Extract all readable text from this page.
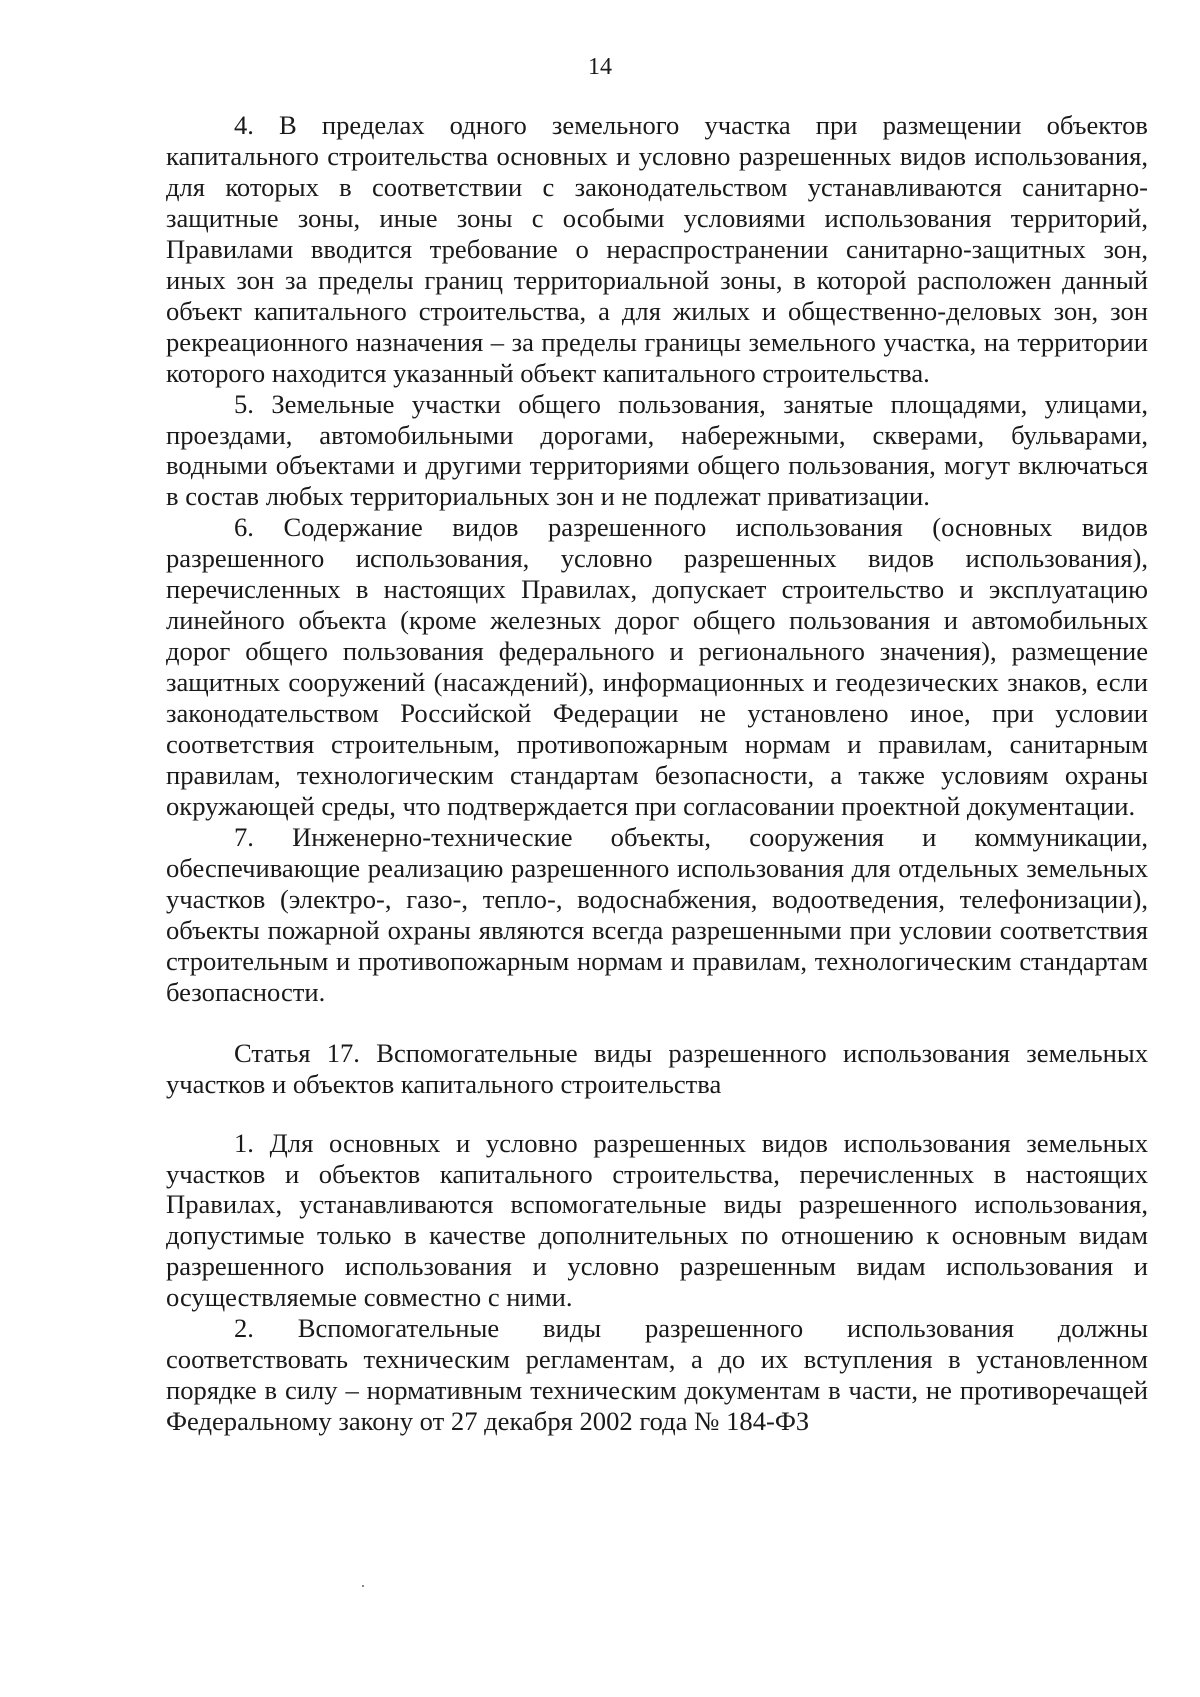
14

4. В пределах одного земельного участка при размещении объектов капитального строительства основных и условно разрешенных видов использования, для которых в соответствии с законодательством устанавливаются санитарно-защитные зоны, иные зоны с особыми условиями использования территорий, Правилами вводится требование о нераспространении санитарно-защитных зон, иных зон за пределы границ территориальной зоны, в которой расположен данный объект капитального строительства, а для жилых и общественно-деловых зон, зон рекреационного назначения – за пределы границы земельного участка, на территории которого находится указанный объект капитального строительства.

5. Земельные участки общего пользования, занятые площадями, улицами, проездами, автомобильными дорогами, набережными, скверами, бульварами, водными объектами и другими территориями общего пользования, могут включаться в состав любых территориальных зон и не подлежат приватизации.

6. Содержание видов разрешенного использования (основных видов разрешенного использования, условно разрешенных видов использования), перечисленных в настоящих Правилах, допускает строительство и эксплуатацию линейного объекта (кроме железных дорог общего пользования и автомобильных дорог общего пользования федерального и регионального значения), размещение защитных сооружений (насаждений), информационных и геодезических знаков, если законодательством Российской Федерации не установлено иное, при условии соответствия строительным, противопожарным нормам и правилам, санитарным правилам, технологическим стандартам безопасности, а также условиям охраны окружающей среды, что подтверждается при согласовании проектной документации.

7. Инженерно-технические объекты, сооружения и коммуникации, обеспечивающие реализацию разрешенного использования для отдельных земельных участков (электро-, газо-, тепло-, водоснабжения, водоотведения, телефонизации), объекты пожарной охраны являются всегда разрешенными при условии соответствия строительным и противопожарным нормам и правилам, технологическим стандартам безопасности.

Статья 17. Вспомогательные виды разрешенного использования земельных участков и объектов капитального строительства

1. Для основных и условно разрешенных видов использования земельных участков и объектов капитального строительства, перечисленных в настоящих Правилах, устанавливаются вспомогательные виды разрешенного использования, допустимые только в качестве дополнительных по отношению к основным видам разрешенного использования и условно разрешенным видам использования и осуществляемые совместно с ними.

2. Вспомогательные виды разрешенного использования должны соответствовать техническим регламентам, а до их вступления в установленном порядке в силу – нормативным техническим документам в части, не противоречащей Федеральному закону от 27 декабря 2002 года № 184-ФЗ
